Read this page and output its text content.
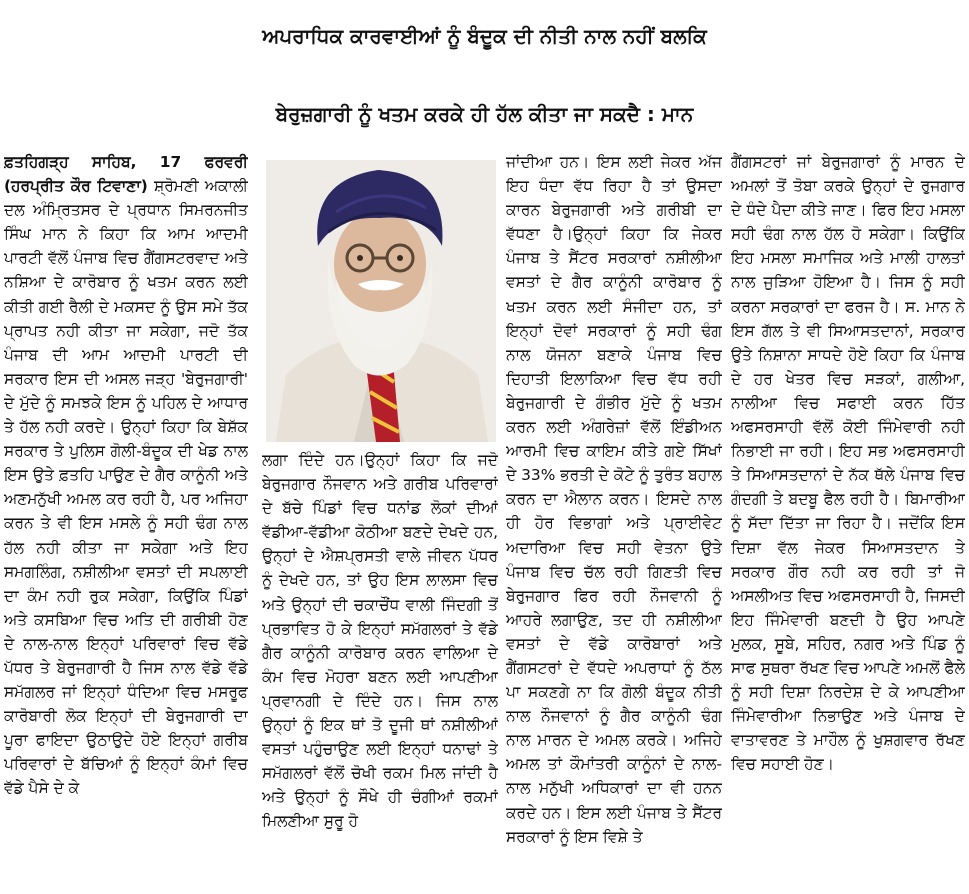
ਅਪਰਾਧਿਕ ਕਾਰਵਾਈਆਂ ਨੂੰ ਬੰਦੂਕ ਦੀ ਨੀਤੀ ਨਾਲ ਨਹੀਂ ਬਲਕਿ
ਬੇਰੁਜ਼ਗਾਰੀ ਨੂੰ ਖਤਮ ਕਰਕੇ ਹੀ ਹੱਲ ਕੀਤਾ ਜਾ ਸਕਦੈ : ਮਾਨ

ਫ਼ਤਹਿਗੜ੍ਹ ਸਾਹਿਬ, 17 ਫਰਵਰੀ (ਹਰਪ੍ਰੀਤ ਕੌਰ ਟਿਵਾਣਾ) ਸ਼੍ਰੋਮਣੀ ਅਕਾਲੀ ਦਲ ਅੰਮ੍ਰਿਤਸਰ ਦੇ ਪ੍ਰਧਾਨ ਸਿਮਰਨਜੀਤ ਸਿੰਘ ਮਾਨ ਨੇ ਕਿਹਾ ਕਿ ਆਮ ਆਦਮੀ ਪਾਰਟੀ ਵੱਲੋਂ ਪੰਜਾਬ ਵਿਚ ਗੈਂਗਸਟਰਵਾਦ ਅਤੇ ਨਸ਼ਿਆ ਦੇ ਕਾਰੋਬਾਰ ਨੂੰ ਖਤਮ ਕਰਨ ਲਈ ਕੀਤੀ ਗਈ ਰੈਲੀ ਦੇ ਮਕਸਦ ਨੂੰ ਉਸ ਸਮੇ ਤੱਕ ਪ੍ਰਾਪਤ ਨਹੀ ਕੀਤਾ ਜਾ ਸਕੇਗਾ, ਜਦੋ ਤੱਕ ਪੰਜਾਬ ਦੀ ਆਮ ਆਦਮੀ ਪਾਰਟੀ ਦੀ ਸਰਕਾਰ ਇਸ ਦੀ ਅਸਲ ਜੜ੍ਹ 'ਬੇਰੁਜਗਾਰੀ' ਦੇ ਮੁੱਦੇ ਨੂੰ ਸਮਝਕੇ ਇਸ ਨੂੰ ਪਹਿਲ ਦੇ ਆਧਾਰ ਤੇ ਹੱਲ ਨਹੀ ਕਰਦੇ। ਉਨ੍ਹਾਂ ਕਿਹਾ ਕਿ ਬੇਸ਼ੱਕ ਸਰਕਾਰ ਤੇ ਪੁਲਿਸ ਗੋਲੀ-ਬੰਦੂਕ ਦੀ ਖੇਡ ਨਾਲ ਇਸ ਉਤੇ ਫ਼ਤਹਿ ਪਾਉਣ ਦੇ ਗੈਰ ਕਾਨੂੰਨੀ ਅਤੇ ਅਣਮਨੁੱਖੀ ਅਮਲ ਕਰ ਰਹੀ ਹੈ, ਪਰ ਅਜਿਹਾ ਕਰਨ ਤੇ ਵੀ ਇਸ ਮਸਲੇ ਨੂੰ ਸਹੀ ਢੰਗ ਨਾਲ ਹੱਲ ਨਹੀ ਕੀਤਾ ਜਾ ਸਕੇਗਾ ਅਤੇ ਇਹ ਸਮਗਲਿੰਗ, ਨਸ਼ੀਲੀਆ ਵਸਤਾਂ ਦੀ ਸਪਲਾਈ ਦਾ ਕੰਮ ਨਹੀ ਰੁਕ ਸਕੇਗਾ, ਕਿਉਂਕਿ ਪਿੰਡਾਂ ਅਤੇ ਕਸਬਿਆ ਵਿਚ ਅਤਿ ਦੀ ਗਰੀਬੀ ਹੋਣ ਦੇ ਨਾਲ-ਨਾਲ ਇਨ੍ਹਾਂ ਪਰਿਵਾਰਾਂ ਵਿਚ ਵੱਡੇ ਪੱਧਰ ਤੇ ਬੇਰੁਜਗਾਰੀ ਹੈ ਜਿਸ ਨਾਲ ਵੱਡੇ ਵੱਡੇ ਸਮੱਗਲਰ ਜਾਂ ਇਨ੍ਹਾਂ ਧੰਦਿਆ ਵਿਚ ਮਸਰੂਫ ਕਾਰੋਬਾਰੀ ਲੋਕ ਇਨ੍ਹਾਂ ਦੀ ਬੇਰੁਜਗਾਰੀ ਦਾ ਪੂਰਾ ਫਾਇਦਾ ਉਠਾਉਦੇ ਹੋਏ ਇਨ੍ਹਾਂ ਗਰੀਬ ਪਰਿਵਾਰਾਂ ਦੇ ਬੱਚਿਆਂ ਨੂੰ ਇਨ੍ਹਾਂ ਕੰਮਾਂ ਵਿਚ ਵੱਡੇ ਪੈਸੇ ਦੇ ਕੇ

ਲਗਾ ਦਿੰਦੇ ਹਨ।ਉਨ੍ਹਾਂ ਕਿਹਾ ਕਿ ਜਦੋ ਬੇਰੁਜਗਾਰ ਨੌਜਵਾਨ ਅਤੇ ਗਰੀਬ ਪਰਿਵਾਰਾਂ ਦੇ ਬੱਚੇ ਪਿੰਡਾਂ ਵਿਚ ਧਨਾਂਡ ਲੋਕਾਂ ਦੀਆਂ ਵੱਡੀਆ-ਵੱਡੀਆ ਕੋਠੀਆ ਬਣਦੇ ਦੇਖਦੇ ਹਨ, ਉਨ੍ਹਾਂ ਦੇ ਐਸ਼ਪ੍ਰਸਤੀ ਵਾਲੇ ਜੀਵਨ ਪੱਧਰ ਨੂੰ ਦੇਖਦੇ ਹਨ, ਤਾਂ ਉਹ ਇਸ ਲਾਲਸਾ ਵਿਚ ਅਤੇ ਉਨ੍ਹਾਂ ਦੀ ਚਕਾਚੌਂਧ ਵਾਲੀ ਜਿੰਦਗੀ ਤੋਂ ਪ੍ਰਭਾਵਿਤ ਹੋ ਕੇ ਇਨ੍ਹਾਂ ਸਮੱਗਲਰਾਂ ਤੇ ਵੱਡੇ ਗੈਰ ਕਾਨੂੰਨੀ ਕਾਰੋਬਾਰ ਕਰਨ ਵਾਲਿਆ ਦੇ ਕੰਮ ਵਿਚ ਮੋਹਰਾ ਬਣਨ ਲਈ ਆਪਣੀਆ ਪ੍ਰਵਾਨਗੀ ਦੇ ਦਿੰਦੇ ਹਨ। ਜਿਸ ਨਾਲ ਉਨ੍ਹਾਂ ਨੂੰ ਇਕ ਥਾਂ ਤੋ ਦੂਜੀ ਥਾਂ ਨਸ਼ੀਲੀਆਂ ਵਸਤਾਂ ਪਹੁੰਚਾਉਣ ਲਈ ਇਨ੍ਹਾਂ ਧਨਾਢਾਂ ਤੇ ਸਮੱਗਲਰਾਂ ਵੱਲੋਂ ਚੋਖੀ ਰਕਮ ਮਿਲ ਜਾਂਦੀ ਹੈ ਅਤੇ ਉਨ੍ਹਾਂ ਨੂੰ ਸੌਖੇ ਹੀ ਚੰਗੀਆਂ ਰਕਮਾਂ ਮਿਲਣੀਆ ਸੁਰੂ ਹੋ

ਜਾਂਦੀਆ ਹਨ। ਇਸ ਲਈ ਜੇਕਰ ਅੱਜ ਇਹ ਧੰਦਾ ਵੱਧ ਰਿਹਾ ਹੈ ਤਾਂ ਉਸਦਾ ਕਾਰਨ ਬੇਰੁਜਗਾਰੀ ਅਤੇ ਗਰੀਬੀ ਦਾ ਵੱਧਣਾ ਹੈ।ਉਨ੍ਹਾਂ ਕਿਹਾ ਕਿ ਜੇਕਰ ਪੰਜਾਬ ਤੇ ਸੈਂਟਰ ਸਰਕਾਰਾਂ ਨਸ਼ੀਲੀਆ ਵਸਤਾਂ ਦੇ ਗੈਰ ਕਾਨੂੰਨੀ ਕਾਰੋਬਾਰ ਨੂੰ ਖਤਮ ਕਰਨ ਲਈ ਸੰਜੀਦਾ ਹਨ, ਤਾਂ ਇਨ੍ਹਾਂ ਦੋਵਾਂ ਸਰਕਾਰਾਂ ਨੂੰ ਸਹੀ ਢੰਗ ਨਾਲ ਯੋਜਨਾ ਬਣਾਕੇ ਪੰਜਾਬ ਵਿਚ ਦਿਹਾਤੀ ਇਲਾਕਿਆ ਵਿਚ ਵੱਧ ਰਹੀ ਬੇਰੁਜਗਾਰੀ ਦੇ ਗੰਭੀਰ ਮੁੱਦੇ ਨੂੰ ਖਤਮ ਕਰਨ ਲਈ ਅੰਗਰੇਜ਼ਾਂ ਵੱਲੋਂ ਇੰਡੀਅਨ ਆਰਮੀ ਵਿਚ ਕਾਇਮ ਕੀਤੇ ਗਏ ਸਿੱਖਾਂ ਦੇ 33% ਭਰਤੀ ਦੇ ਕੋਟੇ ਨੂੰ ਤੁਰੰਤ ਬਹਾਲ ਕਰਨ ਦਾ ਐਲਾਨ ਕਰਨ। ਇਸਦੇ ਨਾਲ ਹੀ ਹੋਰ ਵਿਭਾਗਾਂ ਅਤੇ ਪ੍ਰਾਈਵੇਟ ਅਦਾਰਿਆ ਵਿਚ ਸਹੀ ਵੇਤਨਾ ਉਤੇ ਪੰਜਾਬ ਵਿਚ ਚੱਲ ਰਹੀ ਗਿਣਤੀ ਵਿਚ ਬੇਰੁਜਗਾਰ ਫਿਰ ਰਹੀ ਨੌਜਵਾਨੀ ਨੂੰ ਆਹਰੇ ਲਗਾਉਣ, ਤਦ ਹੀ ਨਸ਼ੀਲੀਆ ਵਸਤਾਂ ਦੇ ਵੱਡੇ ਕਾਰੋਬਾਰਾਂ ਅਤੇ ਗੈਂਗਸਟਰਾਂ ਦੇ ਵੱਧਦੇ ਅਪਰਾਧਾਂ ਨੂੰ ਠੱਲ ਪਾ ਸਕਣਗੇ ਨਾ ਕਿ ਗੋਲੀ ਬੰਦੂਕ ਨੀਤੀ ਨਾਲ ਨੌਜਵਾਨਾਂ ਨੂੰ ਗੈਰ ਕਾਨੂੰਨੀ ਢੰਗ ਨਾਲ ਮਾਰਨ ਦੇ ਅਮਲ ਕਰਕੇ। ਅਜਿਹੇ ਅਮਲ ਤਾਂ ਕੌਮਾਂਤਰੀ ਕਾਨੂੰਨਾਂ ਦੇ ਨਾਲ-ਨਾਲ ਮਨੁੱਖੀ ਅਧਿਕਾਰਾਂ ਦਾ ਵੀ ਹਨਨ ਕਰਦੇ ਹਨ। ਇਸ ਲਈ ਪੰਜਾਬ ਤੇ ਸੈਂਟਰ ਸਰਕਾਰਾਂ ਨੂੰ ਇਸ ਵਿਸ਼ੇ ਤੇ

ਗੈਂਗਸਟਰਾਂ ਜਾਂ ਬੇਰੁਜਗਾਰਾਂ ਨੂੰ ਮਾਰਨ ਦੇ ਅਮਲਾਂ ਤੋਂ ਤੋਬਾ ਕਰਕੇ ਉਨ੍ਹਾਂ ਦੇ ਰੁਜਗਾਰ ਦੇ ਧੰਦੇ ਪੈਦਾ ਕੀਤੇ ਜਾਣ। ਫਿਰ ਇਹ ਮਸਲਾ ਸਹੀ ਢੰਗ ਨਾਲ ਹੱਲ ਹੋ ਸਕੇਗਾ। ਕਿਉਂਕਿ ਇਹ ਮਸਲਾ ਸਮਾਜਿਕ ਅਤੇ ਮਾਲੀ ਹਾਲਤਾਂ ਨਾਲ ਜੁੜਿਆ ਹੋਇਆ ਹੈ। ਜਿਸ ਨੂੰ ਸਹੀ ਕਰਨਾ ਸਰਕਾਰਾਂ ਦਾ ਫਰਜ ਹੈ। ਸ. ਮਾਨ ਨੇ ਇਸ ਗੱਲ ਤੇ ਵੀ ਸਿਆਸਤਦਾਨਾਂ, ਸਰਕਾਰ ਉਤੇ ਨਿਸ਼ਾਨਾ ਸਾਧਦੇ ਹੋਏ ਕਿਹਾ ਕਿ ਪੰਜਾਬ ਦੇ ਹਰ ਖੇਤਰ ਵਿਚ ਸੜਕਾਂ, ਗਲੀਆ, ਨਾਲੀਆ ਵਿਚ ਸਫਾਈ ਕਰਨ ਹਿੱਤ ਅਫਸਰਸਾਹੀ ਵੱਲੋਂ ਕੋਈ ਜਿੰਮੇਵਾਰੀ ਨਹੀ ਨਿਭਾਈ ਜਾ ਰਹੀ। ਇਹ ਸਭ ਅਫਸਰਸਾਹੀ ਤੇ ਸਿਆਸਤਦਾਨਾਂ ਦੇ ਨੱਕ ਥੱਲੇ ਪੰਜਾਬ ਵਿਚ ਗੰਦਗੀ ਤੇ ਬਦਬੂ ਫੈਲ ਰਹੀ ਹੈ। ਬਿਮਾਰੀਆ ਨੂੰ ਸੱਦਾ ਦਿੱਤਾ ਜਾ ਰਿਹਾ ਹੈ। ਜਦੋਂਕਿ ਇਸ ਦਿਸ਼ਾ ਵੱਲ ਜੇਕਰ ਸਿਆਸਤਦਾਨ ਤੇ ਸਰਕਾਰ ਗੌਰ ਨਹੀ ਕਰ ਰਹੀ ਤਾਂ ਜੋ ਅਸਲੀਅਤ ਵਿਚ ਅਫਸਰਸਾਹੀ ਹੈ, ਜਿਸਦੀ ਇਹ ਜਿੰਮੇਵਾਰੀ ਬਣਦੀ ਹੈ ਉਹ ਆਪਣੇ ਮੁਲਕ, ਸੂਬੇ, ਸਹਿਰ, ਨਗਰ ਅਤੇ ਪਿੰਡ ਨੂੰ ਸਾਫ ਸੁਥਰਾ ਰੱਖਣ ਵਿਚ ਆਪਣੇ ਅਮਲੋਂ ਫੈਲੇ ਨੂੰ ਸਹੀ ਦਿਸ਼ਾ ਨਿਰਦੇਸ਼ ਦੇ ਕੇ ਆਪਣੀਆ ਜਿੰਮੇਵਾਰੀਆ ਨਿਭਾਉਣ ਅਤੇ ਪੰਜਾਬ ਦੇ ਵਾਤਾਵਰਣ ਤੇ ਮਾਹੌਲ ਨੂੰ ਖੁਸ਼ਗਵਾਰ ਰੱਖਣ ਵਿਚ ਸਹਾਈ ਹੋਣ।
